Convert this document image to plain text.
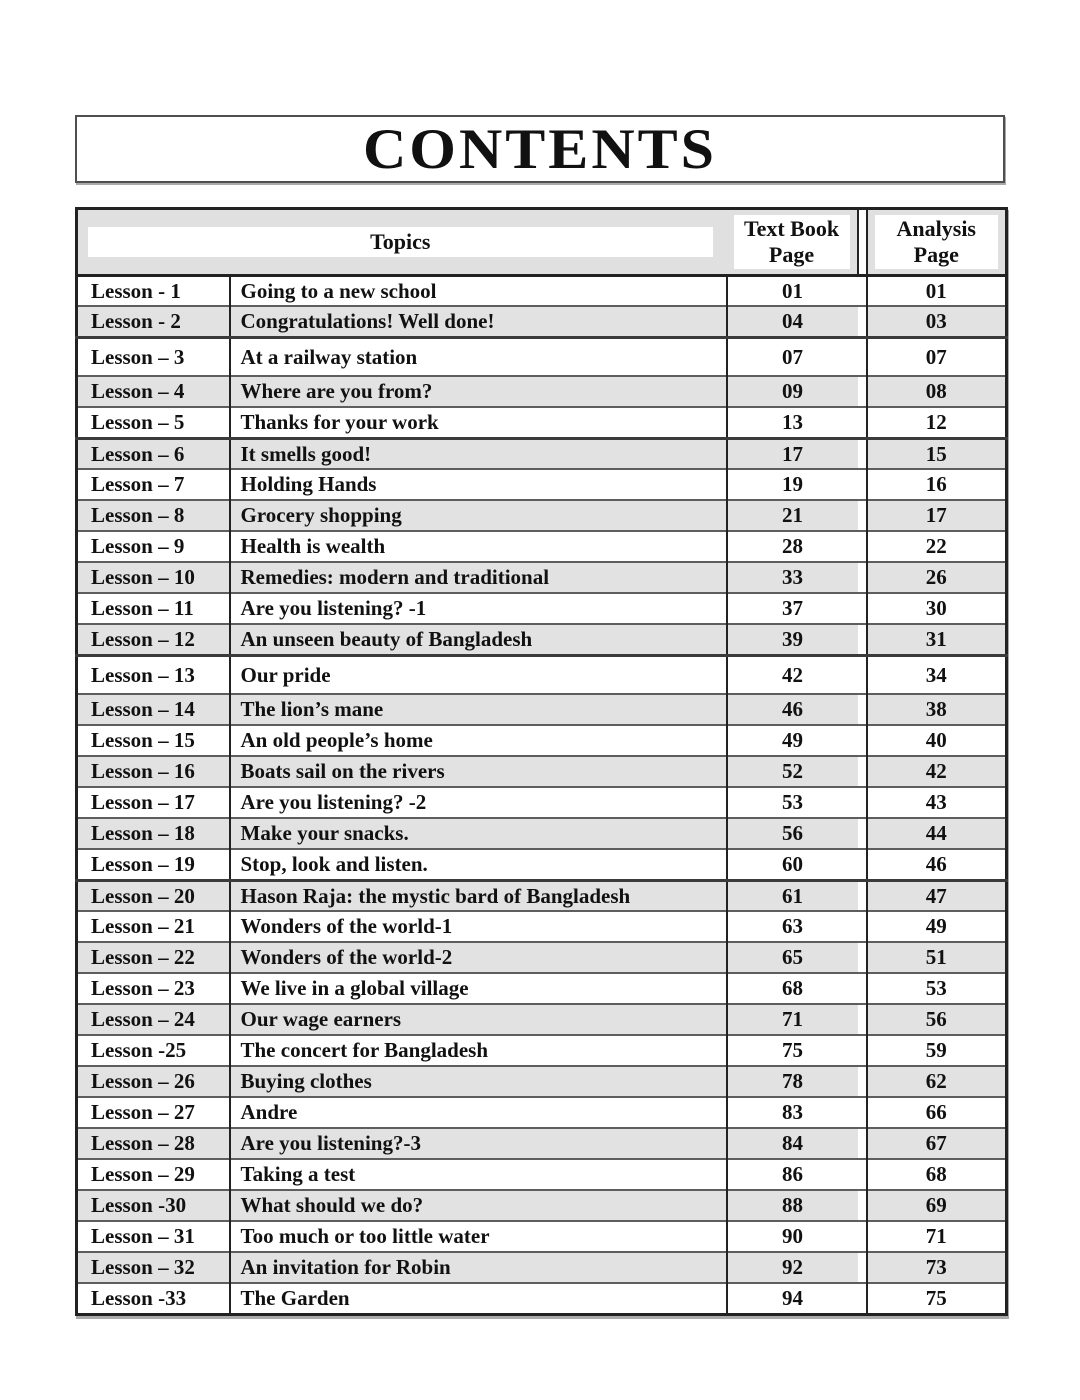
CONTENTS
Topics

Text Book
Page

Analysis
Page

Lesson - 1	Going to a new school	01		01
Lesson - 2	Congratulations! Well done!	04		03
Lesson – 3	At a railway station	07		07
Lesson – 4	Where are you from?	09		08
Lesson – 5	Thanks for your work	13		12
Lesson – 6	It smells good!	17		15
Lesson – 7	Holding Hands	19		16
Lesson – 8	Grocery shopping	21		17
Lesson – 9	Health is wealth	28		22
Lesson – 10	Remedies: modern and traditional	33		26
Lesson – 11	Are you listening? -1	37		30
Lesson – 12	An unseen beauty of Bangladesh	39		31
Lesson – 13	Our pride	42		34
Lesson – 14	The lion’s mane	46		38
Lesson – 15	An old people’s home	49		40
Lesson – 16	Boats sail on the rivers	52		42
Lesson – 17	Are you listening? -2	53		43
Lesson – 18	Make your snacks.	56		44
Lesson – 19	Stop, look and listen.	60		46
Lesson – 20	Hason Raja: the mystic bard of Bangladesh	61		47
Lesson – 21	Wonders of the world-1	63		49
Lesson – 22	Wonders of the world-2	65		51
Lesson – 23	We live in a global village	68		53
Lesson – 24	Our wage earners	71		56
Lesson -25	The concert for Bangladesh	75		59
Lesson – 26	Buying clothes	78		62
Lesson – 27	Andre	83		66
Lesson – 28	Are you listening?-3	84		67
Lesson – 29	Taking a test	86		68
Lesson -30	What should we do?	88		69
Lesson – 31	Too much or too little water	90		71
Lesson – 32	An invitation for Robin	92		73
Lesson -33	The Garden	94		75
